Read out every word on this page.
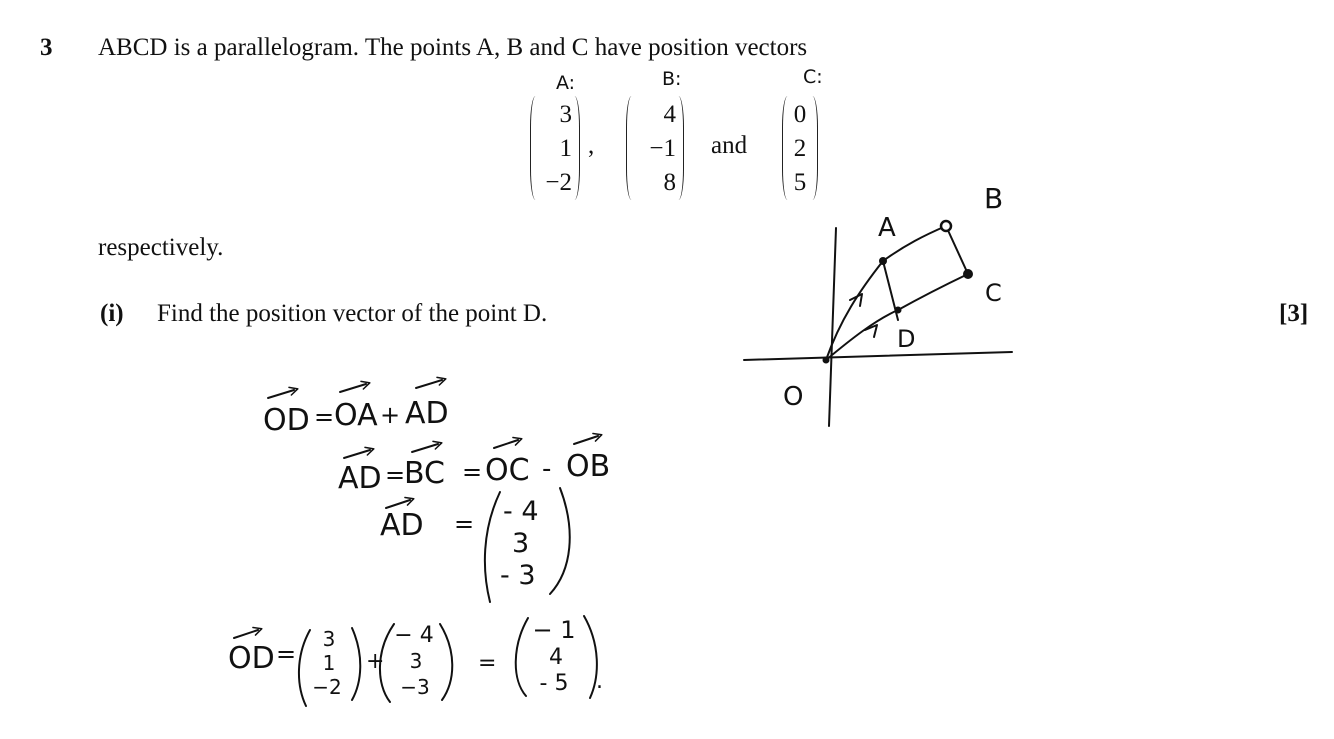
3 ABCD is a parallelogram. The points A, B and C have position vectors
3
1
−2
,
4
−1
8
and
0
2
5
respectively.
(i) Find the position vector of the point D.	[3]
A:	B:	C:
A
B
C
D
O
OD = OA + AD
AD =
BC = OC - OB
AD = - 4
3
- 3
OD =
3
1
−2
+
− 4
3
−3
=
− 1
4
- 5 .
